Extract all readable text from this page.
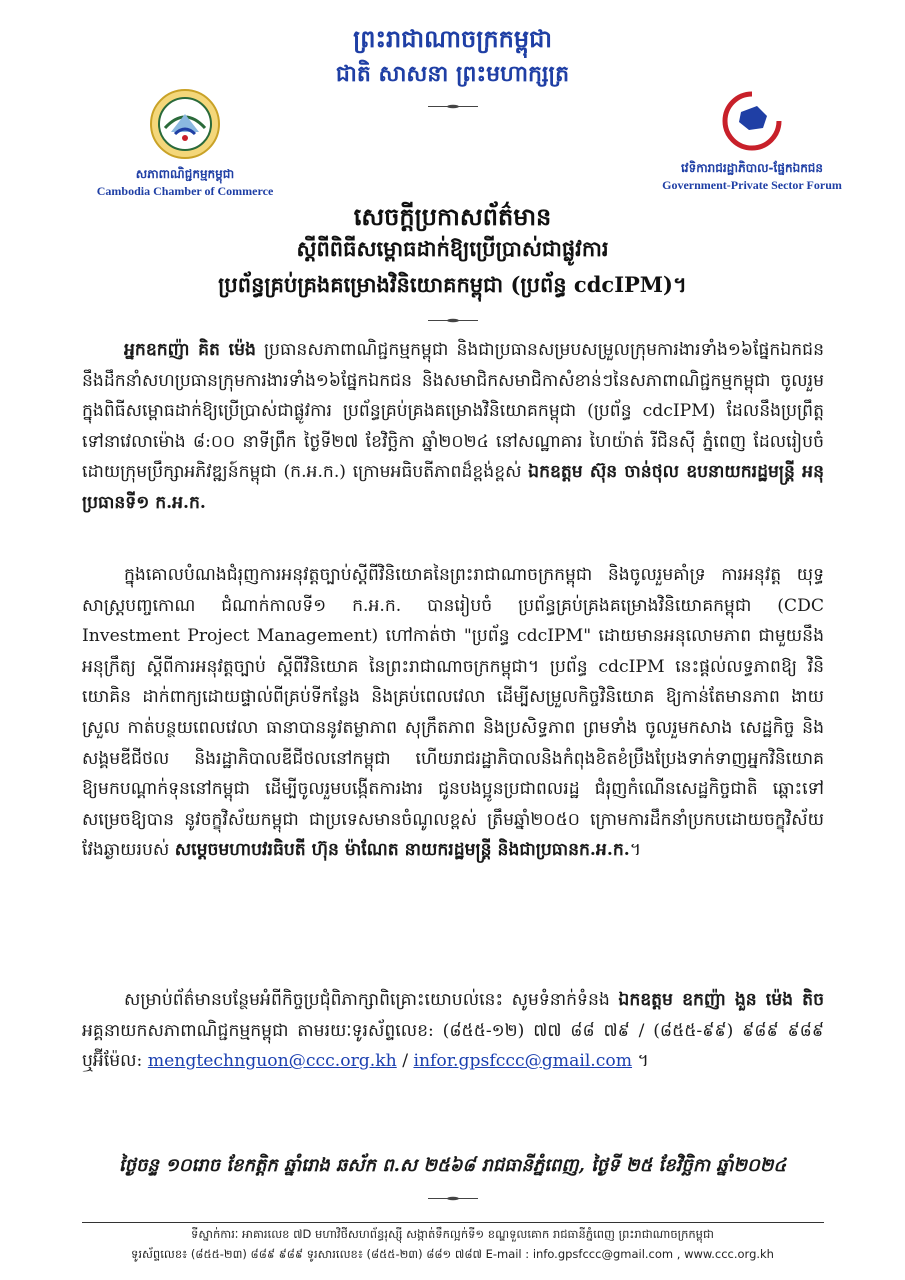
ព្រះរាជាណាចក្រកម្ពុជា
ជាតិ សាសនា ព្រះមហាក្សត្រ
សភាពាណិជ្ជកម្មកម្ពុជា
Cambodia Chamber of Commerce
វេទិការាជរដ្ឋាភិបាល-ផ្នែកឯកជន
Government-Private Sector Forum
សេចក្តីប្រកាសព័ត៌មាន
ស្តីពីពិធីសម្ពោធដាក់ឱ្យប្រើប្រាស់ជាផ្លូវការ
ប្រព័ន្ធគ្រប់គ្រងគម្រោងវិនិយោគកម្ពុជា (ប្រព័ន្ធ cdcIPM)។
អ្នកឧកញ៉ា គិត ម៉េង ប្រធានសភាពាណិជ្ជកម្មកម្ពុជា និងជាប្រធានសម្របសម្រួលក្រុមការងារទាំង១៦ផ្នែកឯកជន នឹងដឹកនាំសហប្រធានក្រុមការងារទាំង១៦ផ្នែកឯកជន និងសមាជិកសមាជិកាសំខាន់ៗនៃសភាពាណិជ្ជកម្មកម្ពុជា ចូលរួមក្នុងពិធីសម្ពោធដាក់ឱ្យប្រើប្រាស់ជាផ្លូវការ ប្រព័ន្ធគ្រប់គ្រងគម្រោងវិនិយោគកម្ពុជា (ប្រព័ន្ធ cdcIPM) ដែលនឹងប្រព្រឹត្តទៅនាវេលាម៉ោង ៨:០០ នាទីព្រឹក ថ្ងៃទី២៧ ខែវិច្ឆិកា ឆ្នាំ២០២៤ នៅសណ្ឋាគារ ហៃយ៉ាត់ រីជិនស៊ី ភ្នំពេញ ដែលរៀបចំដោយក្រុមប្រឹក្សាអភិវឌ្ឍន៍កម្ពុជា (ក.អ.ក.) ក្រោមអធិបតីភាពដ៏ខ្ពង់ខ្ពស់ ឯកឧត្តម ស៊ុន ចាន់ថុល ឧបនាយករដ្ឋមន្ត្រី អនុប្រធានទី១ ក.អ.ក.
ក្នុងគោលបំណងជំរុញការអនុវត្តច្បាប់ស្តីពីវិនិយោគនៃព្រះរាជាណាចក្រកម្ពុជា និងចូលរួមគាំទ្រ ការអនុវត្ត យុទ្ធសាស្ត្របញ្ចកោណ ជំណាក់កាលទី១ ក.អ.ក. បានរៀបចំ ប្រព័ន្ធគ្រប់គ្រងគម្រោងវិនិយោគកម្ពុជា (CDC Investment Project Management) ហៅកាត់ថា "ប្រព័ន្ធ cdcIPM" ដោយមានអនុលោមភាព ជាមួយនឹង អនុក្រឹត្យ ស្តីពីការអនុវត្តច្បាប់ ស្តីពីវិនិយោគ នៃព្រះរាជាណាចក្រកម្ពុជា។ ប្រព័ន្ធ cdcIPM នេះផ្តល់លទ្ធភាពឱ្យ វិនិយោគិន ដាក់ពាក្យដោយផ្ទាល់ពីគ្រប់ទីកន្លែង និងគ្រប់ពេលវេលា ដើម្បីសម្រួលកិច្ចវិនិយោគ ឱ្យកាន់តែមានភាព ងាយស្រួល កាត់បន្ថយពេលវេលា ធានាបាននូវតម្លាភាព សុក្រឹតភាព និងប្រសិទ្ធភាព ព្រមទាំង ចូលរួមកសាង សេដ្ឋកិច្ច និងសង្គមឌីជីថល និងរដ្ឋាភិបាលឌីជីថលនៅកម្ពុជា ហើយរាជរដ្ឋាភិបាលនិងកំពុងខិតខំប្រឹងប្រែងទាក់ទាញអ្នកវិនិយោគ ឱ្យមកបណ្តាក់ទុននៅកម្ពុជា ដើម្បីចូលរួមបង្កើតការងារ ជូនបងប្អូនប្រជាពលរដ្ឋ ជំរុញកំណើនសេដ្ឋកិច្ចជាតិ ឆ្ពោះទៅសម្រេចឱ្យបាន នូវចក្ខុវិស័យកម្ពុជា ជាប្រទេសមានចំណូលខ្ពស់ ត្រឹមឆ្នាំ២០៥០ ក្រោមការដឹកនាំប្រកបដោយចក្ខុវិស័យ វែងឆ្ងាយរបស់ សម្តេចមហាបវរធិបតី ហ៊ុន ម៉ាណែត នាយករដ្ឋមន្ត្រី និងជាប្រធានក.អ.ក.។
សម្រាប់ព័ត៌មានបន្ថែមអំពីកិច្ចប្រជុំពិភាក្សាពិគ្រោះយោបល់នេះ សូមទំនាក់ទំនង ឯកឧត្តម ឧកញ៉ា ងួន ម៉េង តិច អគ្គនាយកសភាពាណិជ្ជកម្មកម្ពុជា តាមរយៈទូរស័ព្ទលេខ: (៨៥៥-១២) ៧៧ ៨៨ ៧៩ / (៨៥៥-៩៩) ៩៨៩ ៩៨៩ ឬអ៊ីម៉ែល: mengtechnguon@ccc.org.kh / infor.gpsfccc@gmail.com ។
ថ្ងៃចន្ទ ១០រោច ខែកត្តិក ឆ្នាំរោង ឆស័ក ព.ស ២៥៦៨ រាជធានីភ្នំពេញ, ថ្ងៃទី ២៥ ខែវិច្ឆិកា ឆ្នាំ២០២៤
ទីស្នាក់ការៈ អាគារលេខ ៧D មហាវិថីសហព័ន្ធរុស្ស៊ី សង្កាត់ទឹកល្អក់ទី១ ខណ្ឌទួលគោក រាជធានីភ្នំពេញ ព្រះរាជាណាចក្រកម្ពុជា
ទូរស័ព្ទលេខ៖ (៨៥៥-២៣) ៨៨៩ ៩៨៩ ទូរសារលេខ៖ (៨៥៥-២៣) ៨៨១ ៧៨៧ E-mail : info.gpsfccc@gmail.com , www.ccc.org.kh
